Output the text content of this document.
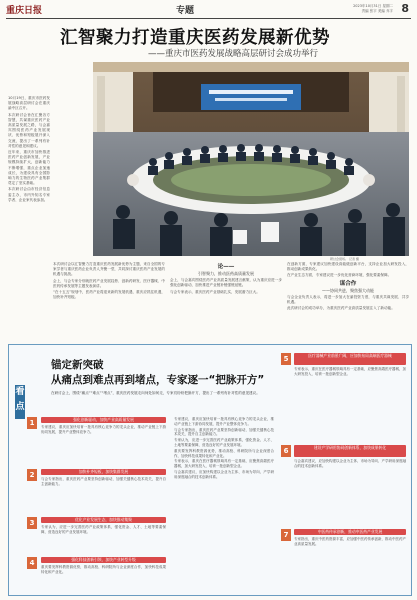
重庆日报	专题	2023年10月31日 星期二
责编 张宇 美编 乔宇 8
汇智聚力打造重庆医药发展新优势
——重庆市医药发展战略高层研讨会成功举行

10月19日，重庆市医药发展战略高层研讨会在重庆渝中区召开。

本次研讨会旨在汇聚各方智慧，共谋重庆医药产业高质量发展之路，与会嘉宾围绕医药产业发展现状、优势和短板展开深入交流，提出了一系列有针对性的意见和建议。

近年来，重庆市加快推进医药产业创新发展，产业规模持续扩大，创新能力不断增强，重点企业加速成长，为建设具有全国影响力的生物医药产业集群奠定了坚实基础。

本次研讨会由市经济信息委主办，市内外知名专家学者、企业家代表参加。

研讨会现场。 记者 摄

本次研讨会以汇智聚力打造重庆医药发展新优势为主题，来自全国的专家学者与重庆医药企业负责人齐聚一堂，共同探讨重庆医药产业发展的机遇与挑战。

会上，与会专家分别就医药产业发展趋势、创新药研发、医疗器械、中医药传承发展等主题发表演讲。

“在十五五”规划中，医药产业将迎来新的发展机遇，重庆应抓住机遇，加快补齐短板。

论——
引智聚力，推动医药高质量发展

会上，与会嘉宾围绕医药产业高质量发展建言献策，认为重庆应进一步强化创新驱动，加快推进产业链补链强链延链。

与会专家表示，重庆医药产业基础扎实，发展潜力巨大。

在创新方面，专家建议加快建设高能级创新平台，支持企业加大研发投入，推动创新成果转化。

在产业生态方面，专家建议进一步优化营商环境，强化要素保障。

谋合作
——协同共进，聚焦强大动能

与会企业负责人表示，将进一步加大在渝投资力度，与重庆共谋发展、共享机遇。

此次研讨会的成功举办，为重庆医药产业高质量发展注入了新动能。

看点
锚定新突破
从痛点到难点再到堵点，专家逐一“把脉开方”
在研讨会上，围绕“痛点”“难点”“堵点”，重庆医药发展走向何处如何走，专家们纷纷把脉开方，提出了一系列有针对性的意见建议。
1	强化创新驱动，加快产业高质量发展

专家建议，重庆应加快培育一批具有核心竞争力的龙头企业，推动产业链上下游协同发展，提升产业整体竞争力。

2	加快补齐短板，加快集群发展

与会专家指出，重庆医药产业要坚持创新驱动，加强关键核心技术攻关，提升自主创新能力。

3	优化产业发展生态，加快推动集聚

专家认为，应进一步完善医药产业政策体系，强化资金、人才、土地等要素保障，营造良好的产业发展环境。

4	强化科技创新引领，加快产业转型升级

重庆要发挥科教资源优势，推动高校、科研院所与企业深度合作，加快科技成果转化和产业化。

专家建议，重庆应加快培育一批具有核心竞争力的龙头企业，推动产业链上下游协同发展，提升产业整体竞争力。

与会专家指出，重庆医药产业要坚持创新驱动，加强关键核心技术攻关，提升自主创新能力。

专家认为，应进一步完善医药产业政策体系，强化资金、人才、土地等要素保障，营造良好的产业发展环境。

重庆要发挥科教资源优势，推动高校、科研院所与企业深度合作，加快科技成果转化和产业化。

专家表示，重庆在医疗器械领域具有一定基础，应聚焦高端医疗器械，加大研发投入，培育一批创新型企业。

与会嘉宾建议，应加快构建以企业为主体、市场为导向、产学研用深度融合的技术创新体系。

5	医疗器械产业前景广阔，应加快布局高端医疗器械

专家表示，重庆在医疗器械领域具有一定基础，应聚焦高端医疗器械，加大研发投入，培育一批创新型企业。

6	建设产学研用协同创新体系，加快成果转化

与会嘉宾建议，应加快构建以企业为主体、市场为导向、产学研用深度融合的技术创新体系。

7	中医药传承创新，推动中医药产业发展

专家指出，重庆中医药资源丰富，应加强中医药传承创新，推动中医药产业高质量发展。
